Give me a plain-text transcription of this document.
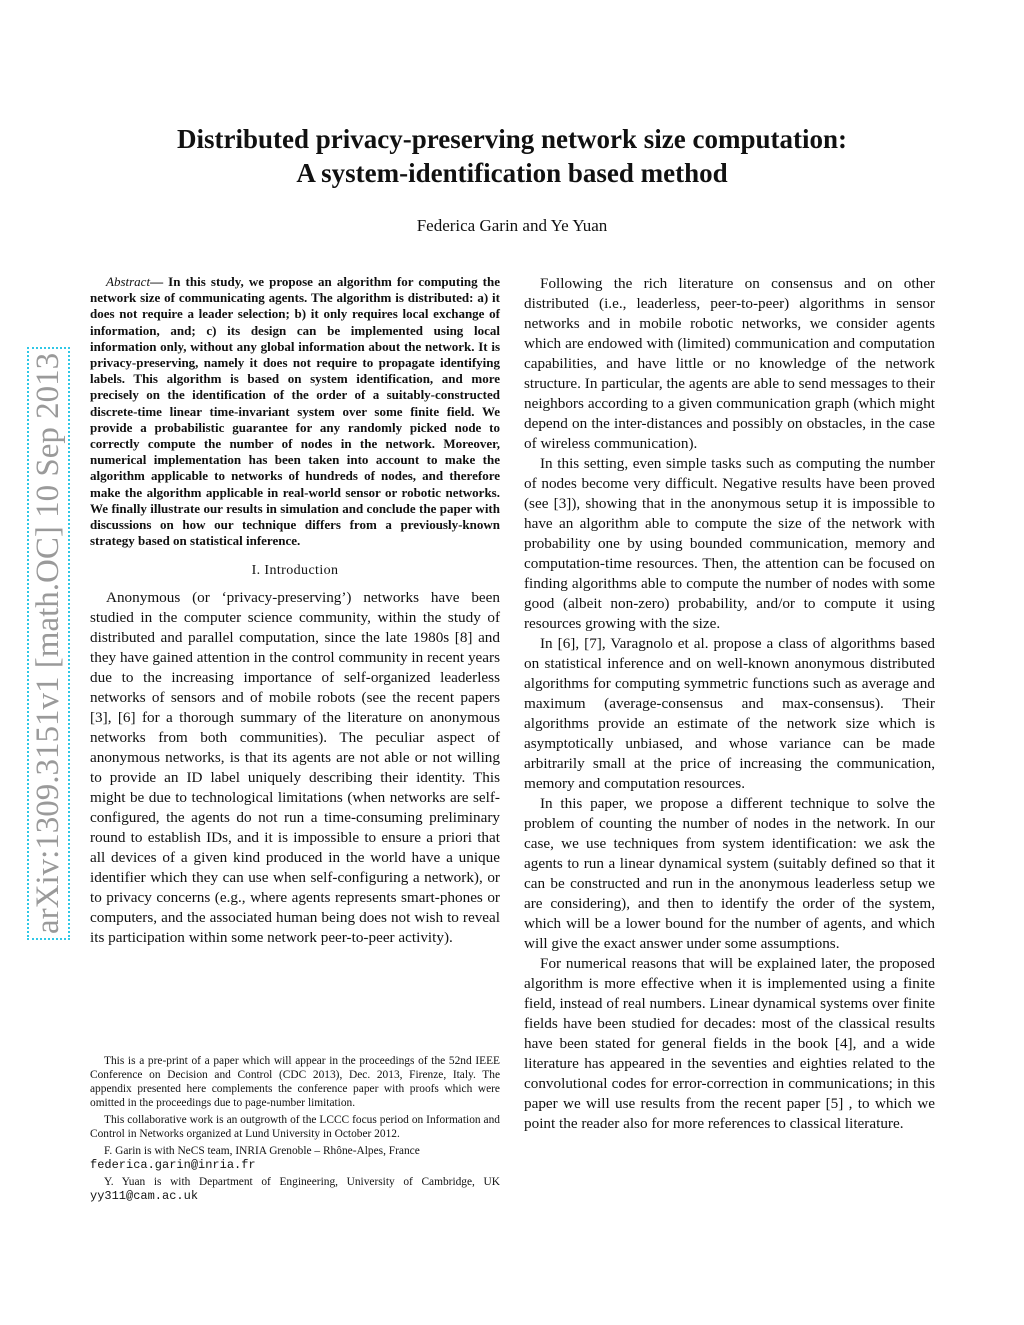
arXiv:1309.3151v1 [math.OC] 10 Sep 2013
Distributed privacy-preserving network size computation:
A system-identification based method
Federica Garin and Ye Yuan

Abstract— In this study, we propose an algorithm for computing the network size of communicating agents. The algorithm is distributed: a) it does not require a leader selection; b) it only requires local exchange of information, and; c) its design can be implemented using local information only, without any global information about the network. It is privacy-preserving, namely it does not require to propagate identifying labels. This algorithm is based on system identification, and more precisely on the identification of the order of a suitably-constructed discrete-time linear time-invariant system over some finite field. We provide a probabilistic guarantee for any randomly picked node to correctly compute the number of nodes in the network. Moreover, numerical implementation has been taken into account to make the algorithm applicable to networks of hundreds of nodes, and therefore make the algorithm applicable in real-world sensor or robotic networks. We finally illustrate our results in simulation and conclude the paper with discussions on how our technique differs from a previously-known strategy based on statistical inference.

I. Introduction

Anonymous (or ‘privacy-preserving’) networks have been studied in the computer science community, within the study of distributed and parallel computation, since the late 1980s [8] and they have gained attention in the control community in recent years due to the increasing importance of self-organized leaderless networks of sensors and of mobile robots (see the recent papers [3], [6] for a thorough summary of the literature on anonymous networks from both communities). The peculiar aspect of anonymous networks, is that its agents are not able or not willing to provide an ID label uniquely describing their identity. This might be due to technological limitations (when networks are self-configured, the agents do not run a time-consuming preliminary round to establish IDs, and it is impossible to ensure a priori that all devices of a given kind produced in the world have a unique identifier which they can use when self-configuring a network), or to privacy concerns (e.g., where agents represents smart-phones or computers, and the associated human being does not wish to reveal its participation within some network peer-to-peer activity).

This is a pre-print of a paper which will appear in the proceedings of the 52nd IEEE Conference on Decision and Control (CDC 2013), Dec. 2013, Firenze, Italy. The appendix presented here complements the conference paper with proofs which were omitted in the proceedings due to page-number limitation.

This collaborative work is an outgrowth of the LCCC focus period on Information and Control in Networks organized at Lund University in October 2012.

F. Garin is with NeCS team, INRIA Grenoble – Rhône-Alpes, France
federica.garin@inria.fr

Y. Yuan is with Department of Engineering, University of Cambridge, UK yy311@cam.ac.uk

Following the rich literature on consensus and on other distributed (i.e., leaderless, peer-to-peer) algorithms in sensor networks and in mobile robotic networks, we consider agents which are endowed with (limited) communication and computation capabilities, and have little or no knowledge of the network structure. In particular, the agents are able to send messages to their neighbors according to a given communication graph (which might depend on the inter-distances and possibly on obstacles, in the case of wireless communication).

In this setting, even simple tasks such as computing the number of nodes become very difficult. Negative results have been proved (see [3]), showing that in the anonymous setup it is impossible to have an algorithm able to compute the size of the network with probability one by using bounded communication, memory and computation-time resources. Then, the attention can be focused on finding algorithms able to compute the number of nodes with some good (albeit non-zero) probability, and/or to compute it using resources growing with the size.

In [6], [7], Varagnolo et al. propose a class of algorithms based on statistical inference and on well-known anonymous distributed algorithms for computing symmetric functions such as average and maximum (average-consensus and max-consensus). Their algorithms provide an estimate of the network size which is asymptotically unbiased, and whose variance can be made arbitrarily small at the price of increasing the communication, memory and computation resources.

In this paper, we propose a different technique to solve the problem of counting the number of nodes in the network. In our case, we use techniques from system identification: we ask the agents to run a linear dynamical system (suitably defined so that it can be constructed and run in the anonymous leaderless setup we are considering), and then to identify the order of the system, which will be a lower bound for the number of agents, and which will give the exact answer under some assumptions.

For numerical reasons that will be explained later, the proposed algorithm is more effective when it is implemented using a finite field, instead of real numbers. Linear dynamical systems over finite fields have been studied for decades: most of the classical results have been stated for general fields in the book [4], and a wide literature has appeared in the seventies and eighties related to the convolutional codes for error-correction in communications; in this paper we will use results from the recent paper [5] , to which we point the reader also for more references to classical literature.
